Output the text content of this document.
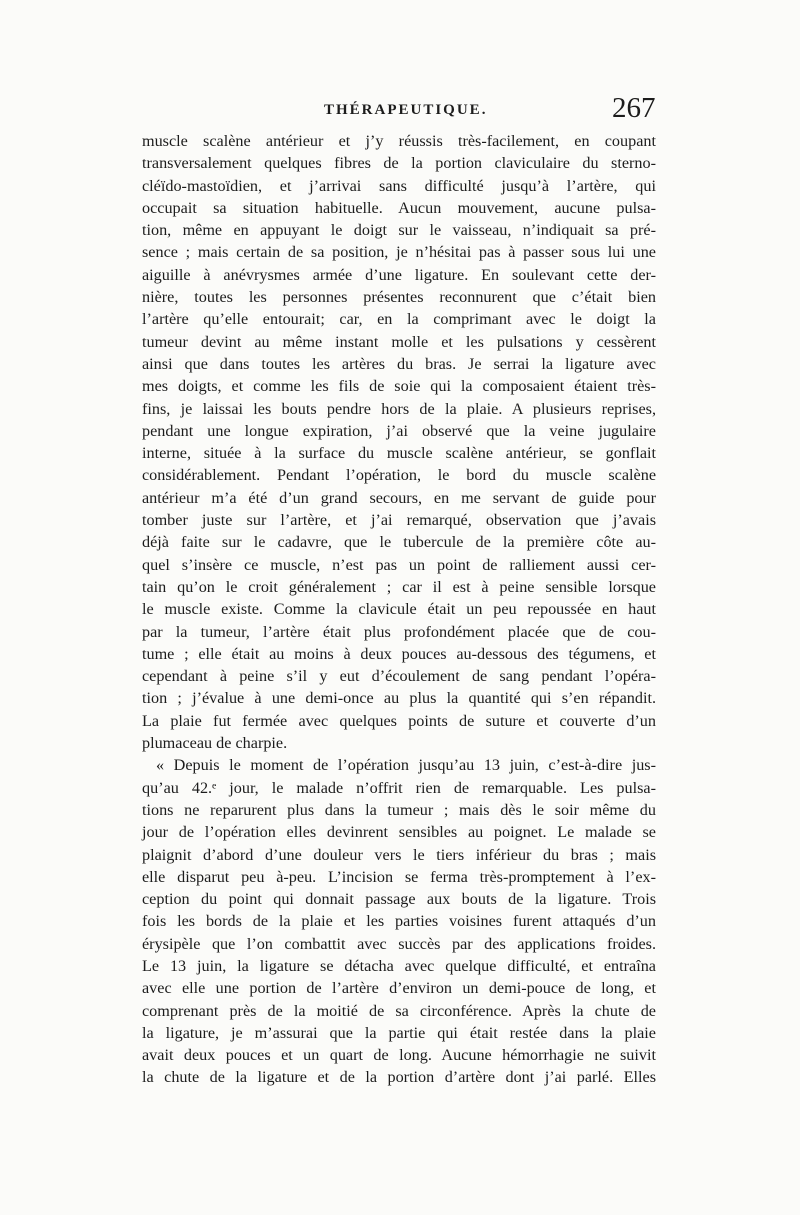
THÉRAPEUTIQUE.	267
muscle scalène antérieur et j’y réussis très-facilement, en coupant
transversalement quelques fibres de la portion claviculaire du sterno-
cléïdo-mastoïdien, et j’arrivai sans difficulté jusqu’à l’artère, qui
occupait sa situation habituelle. Aucun mouvement, aucune pulsa-
tion, même en appuyant le doigt sur le vaisseau, n’indiquait sa pré-
sence ; mais certain de sa position, je n’hésitai pas à passer sous lui une
aiguille à anévrysmes armée d’une ligature. En soulevant cette der-
nière, toutes les personnes présentes reconnurent que c’était bien
l’artère qu’elle entourait; car, en la comprimant avec le doigt la
tumeur devint au même instant molle et les pulsations y cessèrent
ainsi que dans toutes les artères du bras. Je serrai la ligature avec
mes doigts, et comme les fils de soie qui la composaient étaient très-
fins, je laissai les bouts pendre hors de la plaie. A plusieurs reprises,
pendant une longue expiration, j’ai observé que la veine jugulaire
interne, située à la surface du muscle scalène antérieur, se gonflait
considérablement. Pendant l’opération, le bord du muscle scalène
antérieur m’a été d’un grand secours, en me servant de guide pour
tomber juste sur l’artère, et j’ai remarqué, observation que j’avais
déjà faite sur le cadavre, que le tubercule de la première côte au-
quel s’insère ce muscle, n’est pas un point de ralliement aussi cer-
tain qu’on le croit généralement ; car il est à peine sensible lorsque
le muscle existe. Comme la clavicule était un peu repoussée en haut
par la tumeur, l’artère était plus profondément placée que de cou-
tume ; elle était au moins à deux pouces au-dessous des tégumens, et
cependant à peine s’il y eut d’écoulement de sang pendant l’opéra-
tion ; j’évalue à une demi-once au plus la quantité qui s’en répandit.
La plaie fut fermée avec quelques points de suture et couverte d’un
plumaceau de charpie.
« Depuis le moment de l’opération jusqu’au 13 juin, c’est-à-dire jus-
qu’au 42.ᵉ jour, le malade n’offrit rien de remarquable. Les pulsa-
tions ne reparurent plus dans la tumeur ; mais dès le soir même du
jour de l’opération elles devinrent sensibles au poignet. Le malade se
plaignit d’abord d’une douleur vers le tiers inférieur du bras ; mais
elle disparut peu à-peu. L’incision se ferma très-promptement à l’ex-
ception du point qui donnait passage aux bouts de la ligature. Trois
fois les bords de la plaie et les parties voisines furent attaqués d’un
érysipèle que l’on combattit avec succès par des applications froides.
Le 13 juin, la ligature se détacha avec quelque difficulté, et entraîna
avec elle une portion de l’artère d’environ un demi-pouce de long, et
comprenant près de la moitié de sa circonférence. Après la chute de
la ligature, je m’assurai que la partie qui était restée dans la plaie
avait deux pouces et un quart de long. Aucune hémorrhagie ne suivit
la chute de la ligature et de la portion d’artère dont j’ai parlé. Elles
